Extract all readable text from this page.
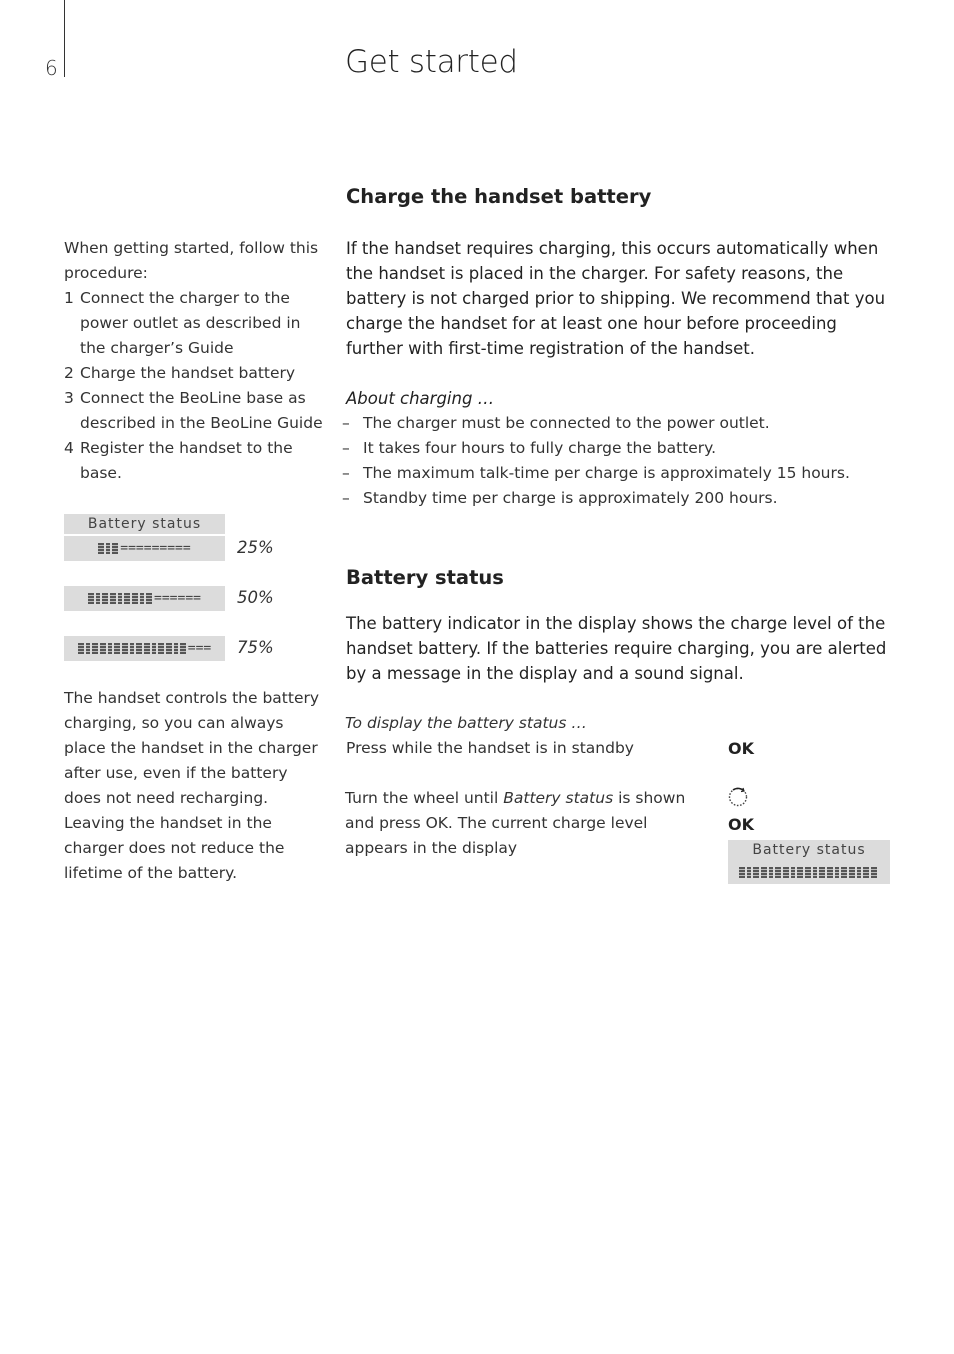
6	Get started
When getting started, follow this procedure:
1 Connect the charger to the power outlet as described in the charger’s Guide
2 Charge the handset battery
3 Connect the BeoLine base as described in the BeoLine Guide
4 Register the handset to the base.
Battery status
=========	25%
====== 50%
=== 75%
The handset controls the battery charging, so you can always place the handset in the charger after use, even if the battery does not need recharging. Leaving the handset in the charger does not reduce the lifetime of the battery.
Charge the handset battery
If the handset requires charging, this occurs automatically when the handset is placed in the charger. For safety reasons, the battery is not charged prior to shipping. We recommend that you charge the handset for at least one hour before proceeding further with first-time registration of the handset.
About charging …
– The charger must be connected to the power outlet.
– It takes four hours to fully charge the battery.
– The maximum talk-time per charge is approximately 15 hours.
– Standby time per charge is approximately 200 hours.
Battery status
The battery indicator in the display shows the charge level of the handset battery. If the batteries require charging, you are alerted by a message in the display and a sound signal.
To display the battery status …
Press while the handset is in standby	OK
Turn the wheel until Battery status is shown and press OK. The current charge level appears in the display
OK
Battery status
